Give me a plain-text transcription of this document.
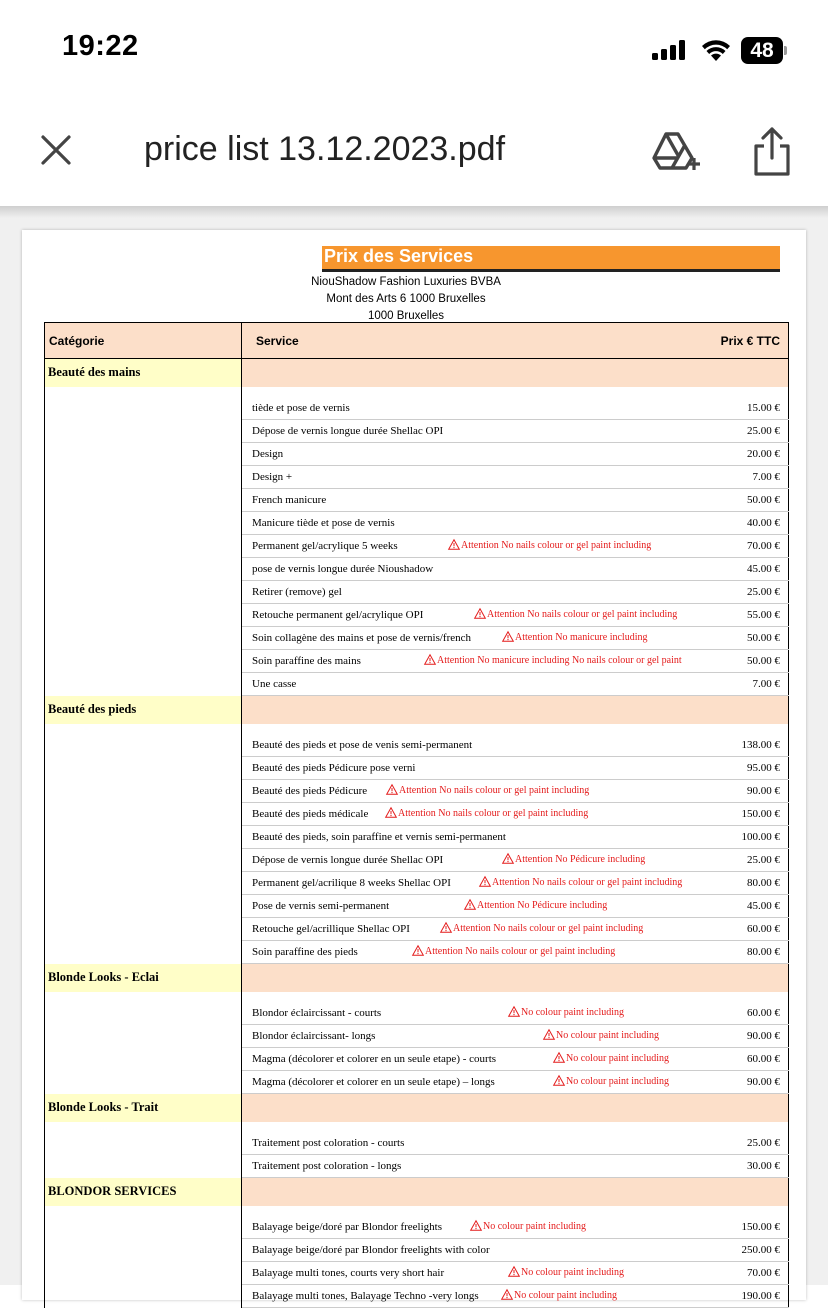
19:22	48
price list 13.12.2023.pdf
Prix des Services
NiouShadow Fashion Luxuries BVBA
Mont des Arts 6 1000 Bruxelles
1000 Bruxelles
Catégorie	Service	Prix € TTC
Beauté des mains		

	tiède et pose de vernis	15.00 €

	Dépose de vernis longue durée Shellac OPI	25.00 €

	Design	20.00 €

	Design +	7.00 €

	French manicure	50.00 €

	Manicure tiède et pose de vernis	40.00 €

	Permanent gel/acrylique 5 weeks Attention No nails colour or gel paint including	70.00 €

	pose de vernis longue durée Nioushadow	45.00 €

	Retirer (remove) gel	25.00 €

	Retouche permanent gel/acrylique OPI Attention No nails colour or gel paint including	55.00 €

	Soin collagène des mains et pose de vernis/french Attention No manicure including	50.00 €

	Soin paraffine des mains Attention No manicure including No nails colour or gel paint	50.00 €

	Une casse	7.00 €
Beauté des pieds		

	Beauté des pieds et pose de venis semi-permanent	138.00 €

	Beauté des pieds Pédicure pose verni	95.00 €

	Beauté des pieds Pédicure Attention No nails colour or gel paint including	90.00 €

	Beauté des pieds médicale Attention No nails colour or gel paint including	150.00 €

	Beauté des pieds, soin paraffine et vernis semi-permanent	100.00 €

	Dépose de vernis longue durée Shellac OPI Attention No Pédicure including	25.00 €

	Permanent gel/acrilique 8 weeks Shellac OPI Attention No nails colour or gel paint including	80.00 €

	Pose de vernis semi-permanent Attention No Pédicure including	45.00 €

	Retouche gel/acrillique Shellac OPI Attention No nails colour or gel paint including	60.00 €

	Soin paraffine des pieds Attention No nails colour or gel paint including	80.00 €
Blonde Looks - Eclai		

	Blondor éclaircissant - courts No colour paint including	60.00 €

	Blondor éclaircissant- longs No colour paint including	90.00 €

	Magma (décolorer et colorer en un seule etape) - courts No colour paint including	60.00 €

	Magma (décolorer et colorer en un seule etape) – longs No colour paint including	90.00 €
Blonde Looks - Trait		

	Traitement post coloration - courts	25.00 €

	Traitement post coloration - longs	30.00 €
BLONDOR SERVICES		

	Balayage beige/doré par Blondor freelights No colour paint including	150.00 €

	Balayage beige/doré par Blondor freelights with color	250.00 €

	Balayage multi tones, courts very short hair No colour paint including	70.00 €

	Balayage multi tones, Balayage Techno -very longs No colour paint including	190.00 €
